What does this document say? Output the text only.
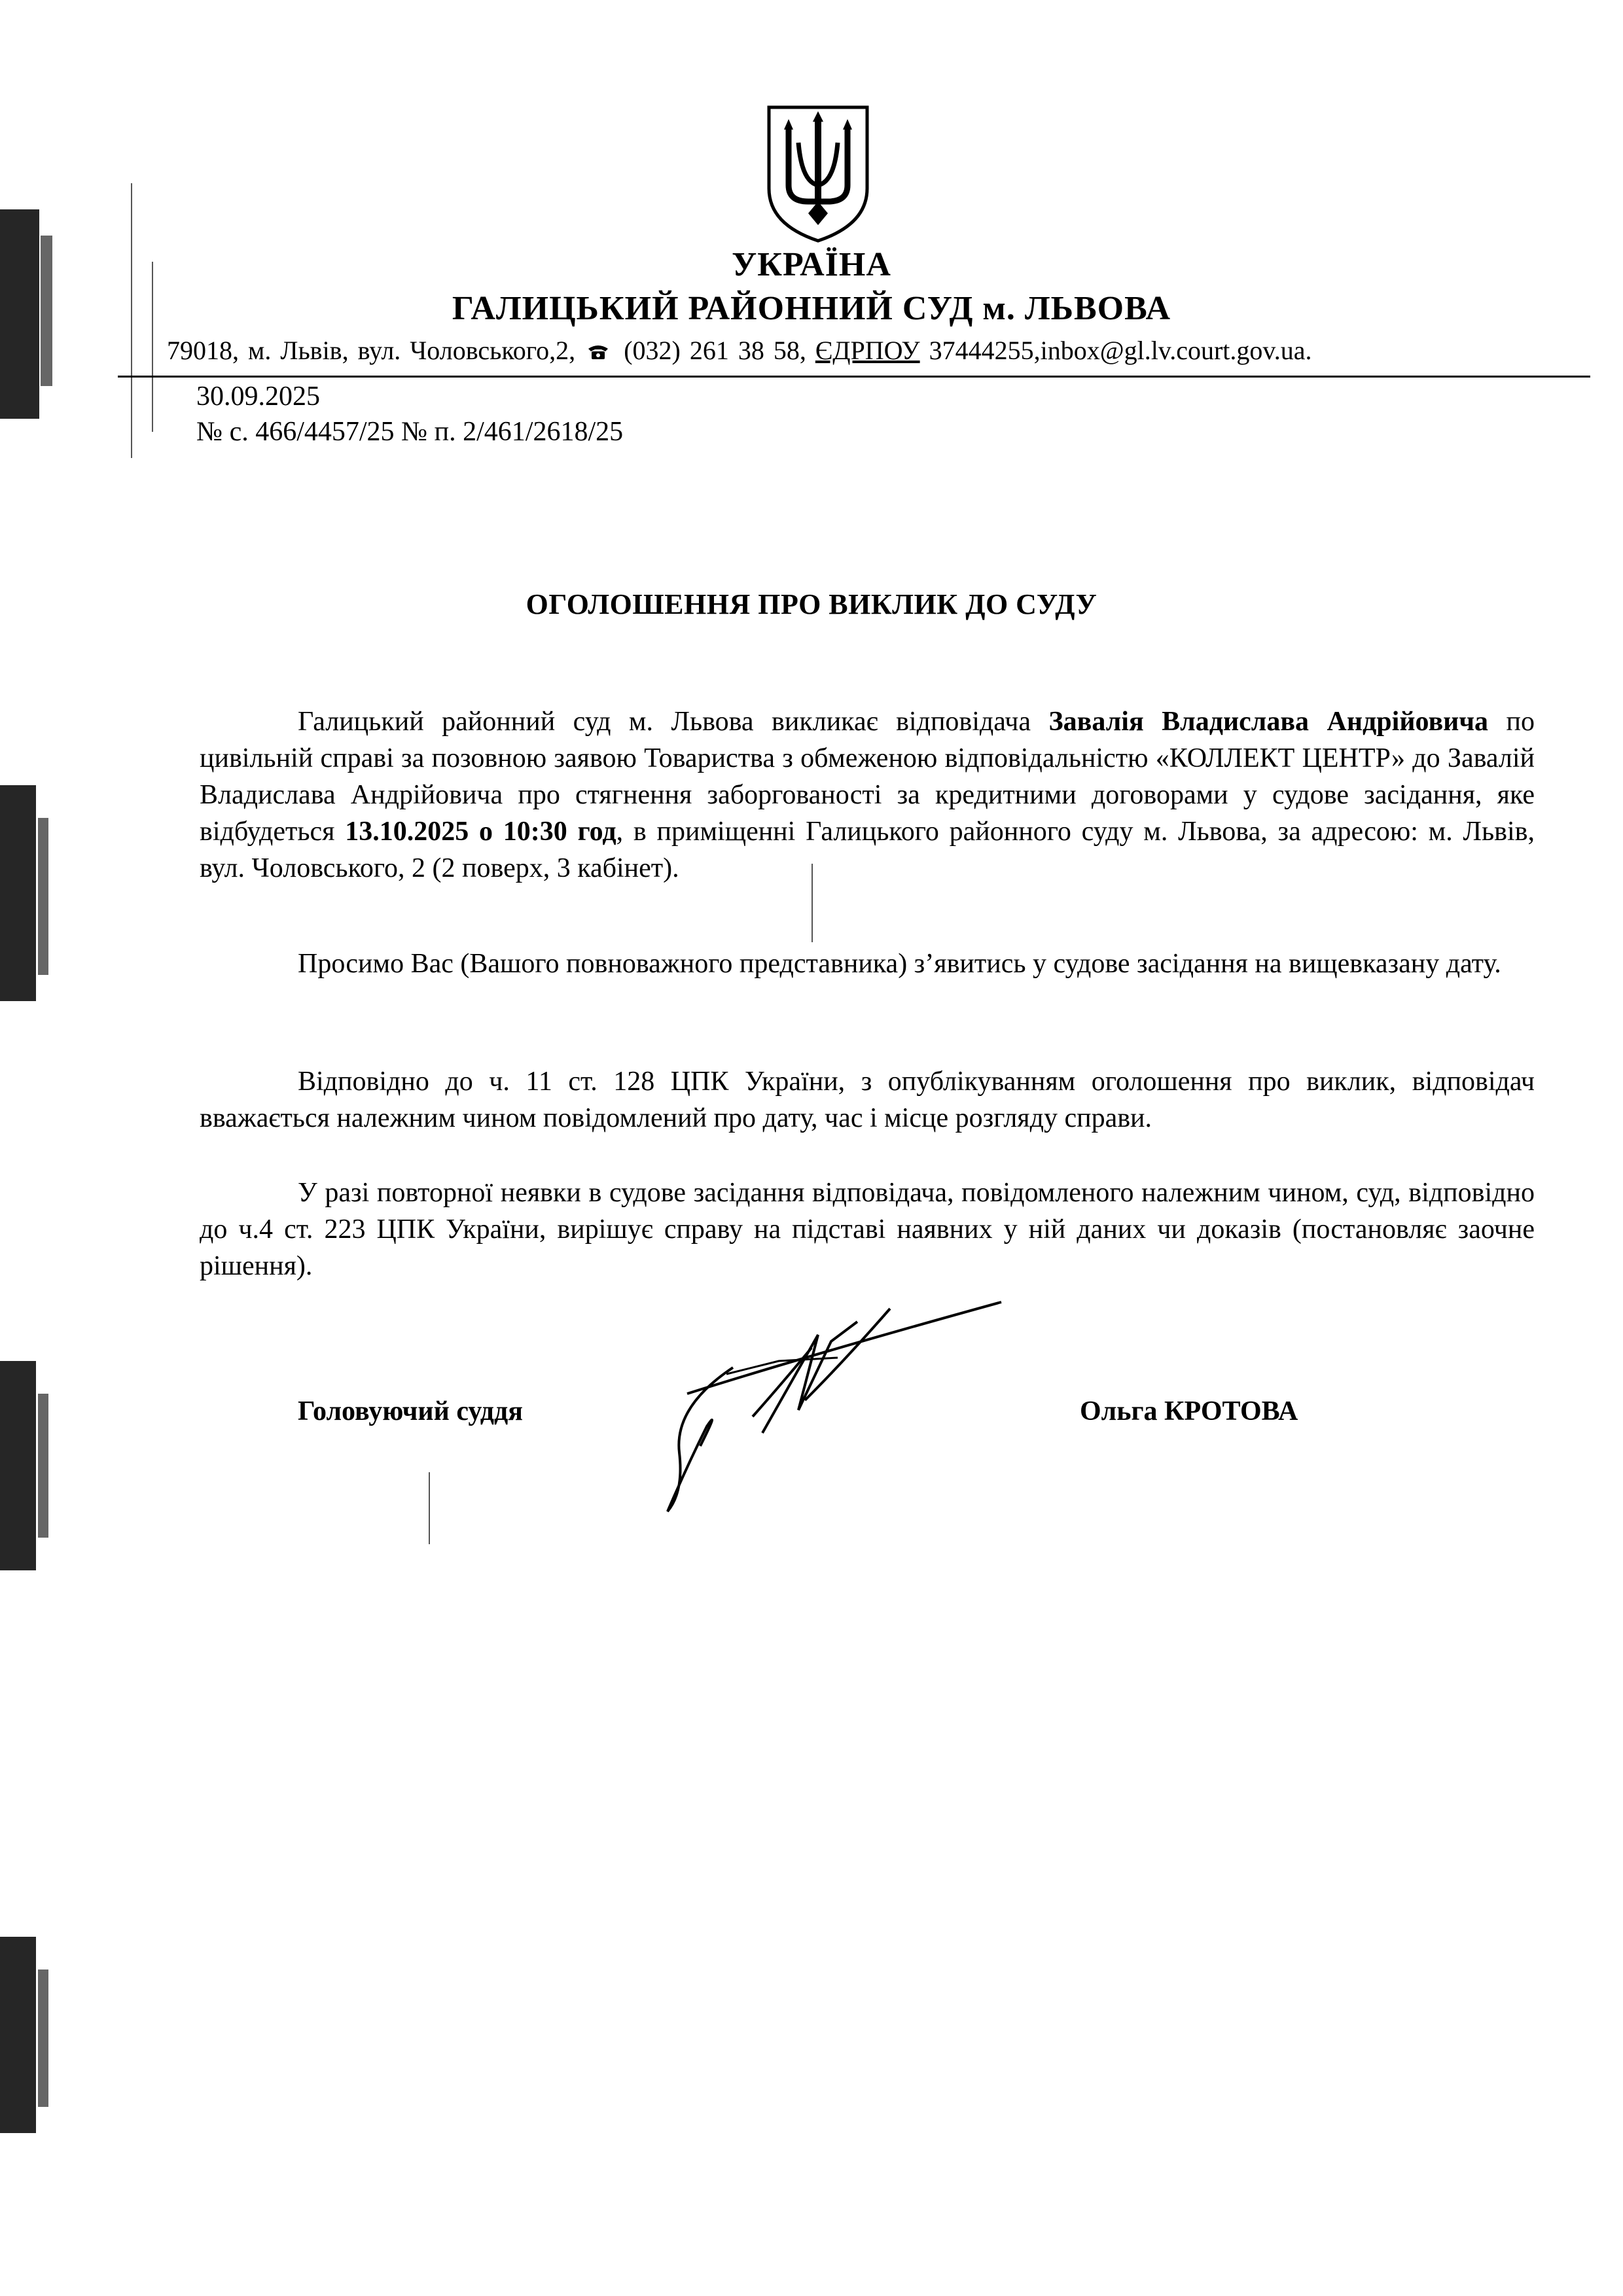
УКРАЇНА
ГАЛИЦЬКИЙ РАЙОННИЙ СУД м. ЛЬВОВА
79018, м. Львів, вул. Чоловського,2, (032) 261 38 58, ЄДРПОУ 37444255,inbox@gl.lv.court.gov.ua.
30.09.2025
№ с. 466/4457/25 № п. 2/461/2618/25
ОГОЛОШЕННЯ ПРО ВИКЛИК ДО СУДУ

Галицький районний суд м. Львова викликає відповідача Завалія Владислава Андрійовича по цивільній справі за позовною заявою Товариства з обмеженою відповідальністю «КОЛЛЕКТ ЦЕНТР» до Завалій Владислава Андрійовича про стягнення заборгованості за кредитними договорами у судове засідання, яке відбудеться 13.10.2025 о 10:30 год, в приміщенні Галицького районного суду м. Львова, за адресою: м. Львів, вул. Чоловського, 2 (2 поверх, 3 кабінет).

Просимо Вас (Вашого повноважного представника) з’явитись у судове засідання на вищевказану дату.

Відповідно до ч. 11 ст. 128 ЦПК України, з опублікуванням оголошення про виклик, відповідач вважається належним чином повідомлений про дату, час і місце розгляду справи.

У разі повторної неявки в судове засідання відповідача, повідомленого належним чином, суд, відповідно до ч.4 ст. 223 ЦПК України, вирішує справу на підставі наявних у ній даних чи доказів (постановляє заочне рішення).

Головуючий суддя	Ольга КРОТОВА
